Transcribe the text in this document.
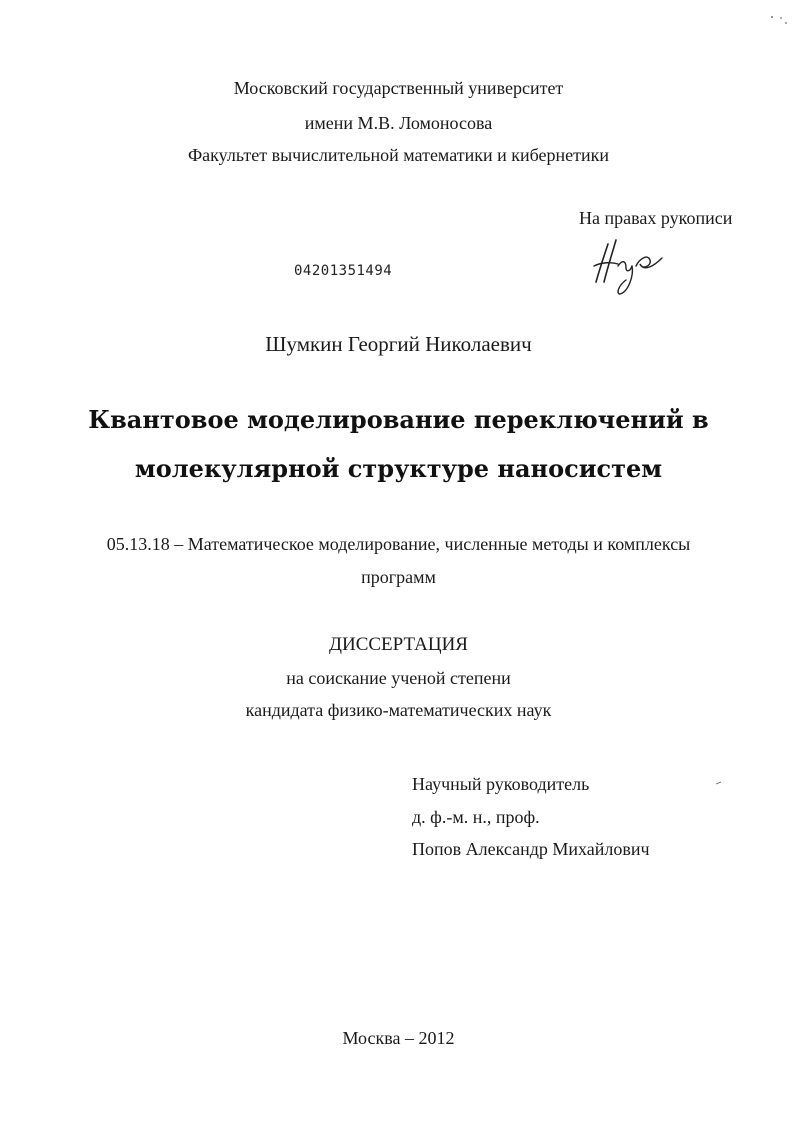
Московский государственный университет
имени М.В. Ломоносова
Факультет вычислительной математики и кибернетики
На правах рукописи
04201351494
Шумкин Георгий Николаевич
Квантовое моделирование переключений в
молекулярной структуре наносистем
05.13.18 – Математическое моделирование, численные методы и комплексы
программ
ДИССЕРТАЦИЯ
на соискание ученой степени
кандидата физико-математических наук
Научный руководитель
д. ф.-м. н., проф.
Попов Александр Михайлович
Москва – 2012
